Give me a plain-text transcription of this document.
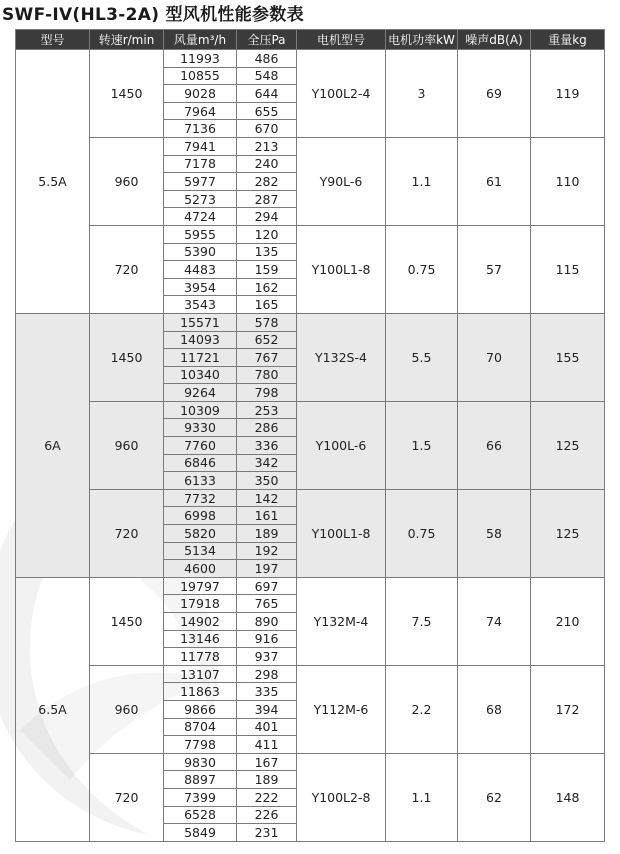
SWF-IV(HL3-2A) 型风机性能参数表
型号	转速r/min	风量m³/h	全压Pa	电机型号	电机功率kW	噪声dB(A)	重量kg
5.5A	1450	11993	486	Y100L2-4	3	69	119
		10855	548				
		9028	644				
		7964	655				
		7136	670				
	960	7941	213	Y90L-6	1.1	61	110
		7178	240				
		5977	282				
		5273	287				
		4724	294				
	720	5955	120	Y100L1-8	0.75	57	115
		5390	135				
		4483	159				
		3954	162				
		3543	165				
6A	1450	15571	578	Y132S-4	5.5	70	155
		14093	652				
		11721	767				
		10340	780				
		9264	798				
	960	10309	253	Y100L-6	1.5	66	125
		9330	286				
		7760	336				
		6846	342				
		6133	350				
	720	7732	142	Y100L1-8	0.75	58	125
		6998	161				
		5820	189				
		5134	192				
		4600	197				
6.5A	1450	19797	697	Y132M-4	7.5	74	210
		17918	765				
		14902	890				
		13146	916				
		11778	937				
	960	13107	298	Y112M-6	2.2	68	172
		11863	335				
		9866	394				
		8704	401				
		7798	411				
	720	9830	167	Y100L2-8	1.1	62	148
		8897	189				
		7399	222				
		6528	226				
		5849	231				
